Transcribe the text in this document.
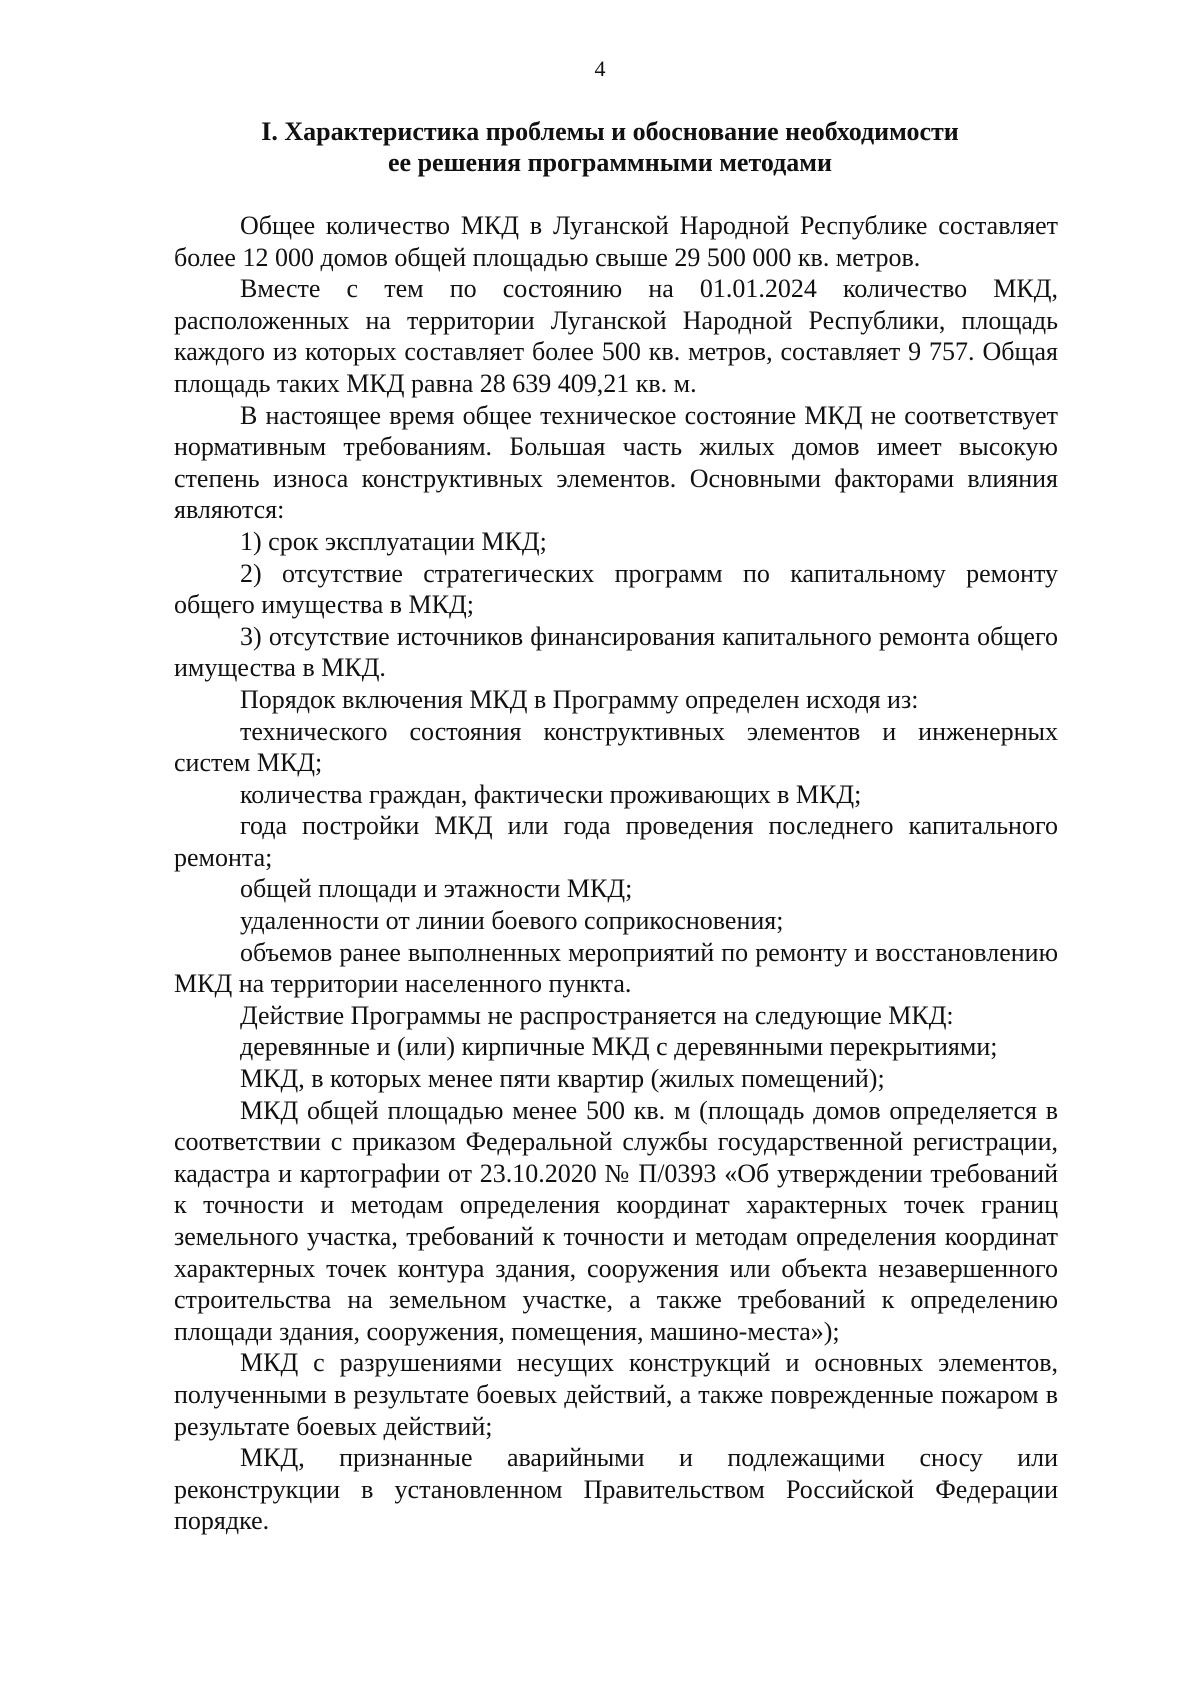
4
I. Характеристика проблемы и обоснование необходимости
ее решения программными методами

Общее количество МКД в Луганской Народной Республике составляет более 12 000 домов общей площадью свыше 29 500 000 кв. метров.

Вместе с тем по состоянию на 01.01.2024 количество МКД, расположенных на территории Луганской Народной Республики, площадь каждого из которых составляет более 500 кв. метров, составляет 9 757. Общая площадь таких МКД равна 28 639 409,21 кв. м.

В настоящее время общее техническое состояние МКД не соответствует нормативным требованиям. Большая часть жилых домов имеет высокую степень износа конструктивных элементов. Основными факторами влияния являются:

1) срок эксплуатации МКД;

2) отсутствие стратегических программ по капитальному ремонту общего имущества в МКД;

3) отсутствие источников финансирования капитального ремонта общего имущества в МКД.

Порядок включения МКД в Программу определен исходя из:

технического состояния конструктивных элементов и инженерных систем МКД;

количества граждан, фактически проживающих в МКД;

года постройки МКД или года проведения последнего капитального ремонта;

общей площади и этажности МКД;

удаленности от линии боевого соприкосновения;

объемов ранее выполненных мероприятий по ремонту и восстановлению МКД на территории населенного пункта.

Действие Программы не распространяется на следующие МКД:

деревянные и (или) кирпичные МКД с деревянными перекрытиями;

МКД, в которых менее пяти квартир (жилых помещений);

МКД общей площадью менее 500 кв. м (площадь домов определяется в соответствии с приказом Федеральной службы государственной регистрации, кадастра и картографии от 23.10.2020 № П/0393 «Об утверждении требований к точности и методам определения координат характерных точек границ земельного участка, требований к точности и методам определения координат характерных точек контура здания, сооружения или объекта незавершенного строительства на земельном участке, а также требований к определению площади здания, сооружения, помещения, машино-места»);

МКД с разрушениями несущих конструкций и основных элементов, полученными в результате боевых действий, а также поврежденные пожаром в результате боевых действий;

МКД, признанные аварийными и подлежащими сносу или реконструкции в установленном Правительством Российской Федерации порядке.
